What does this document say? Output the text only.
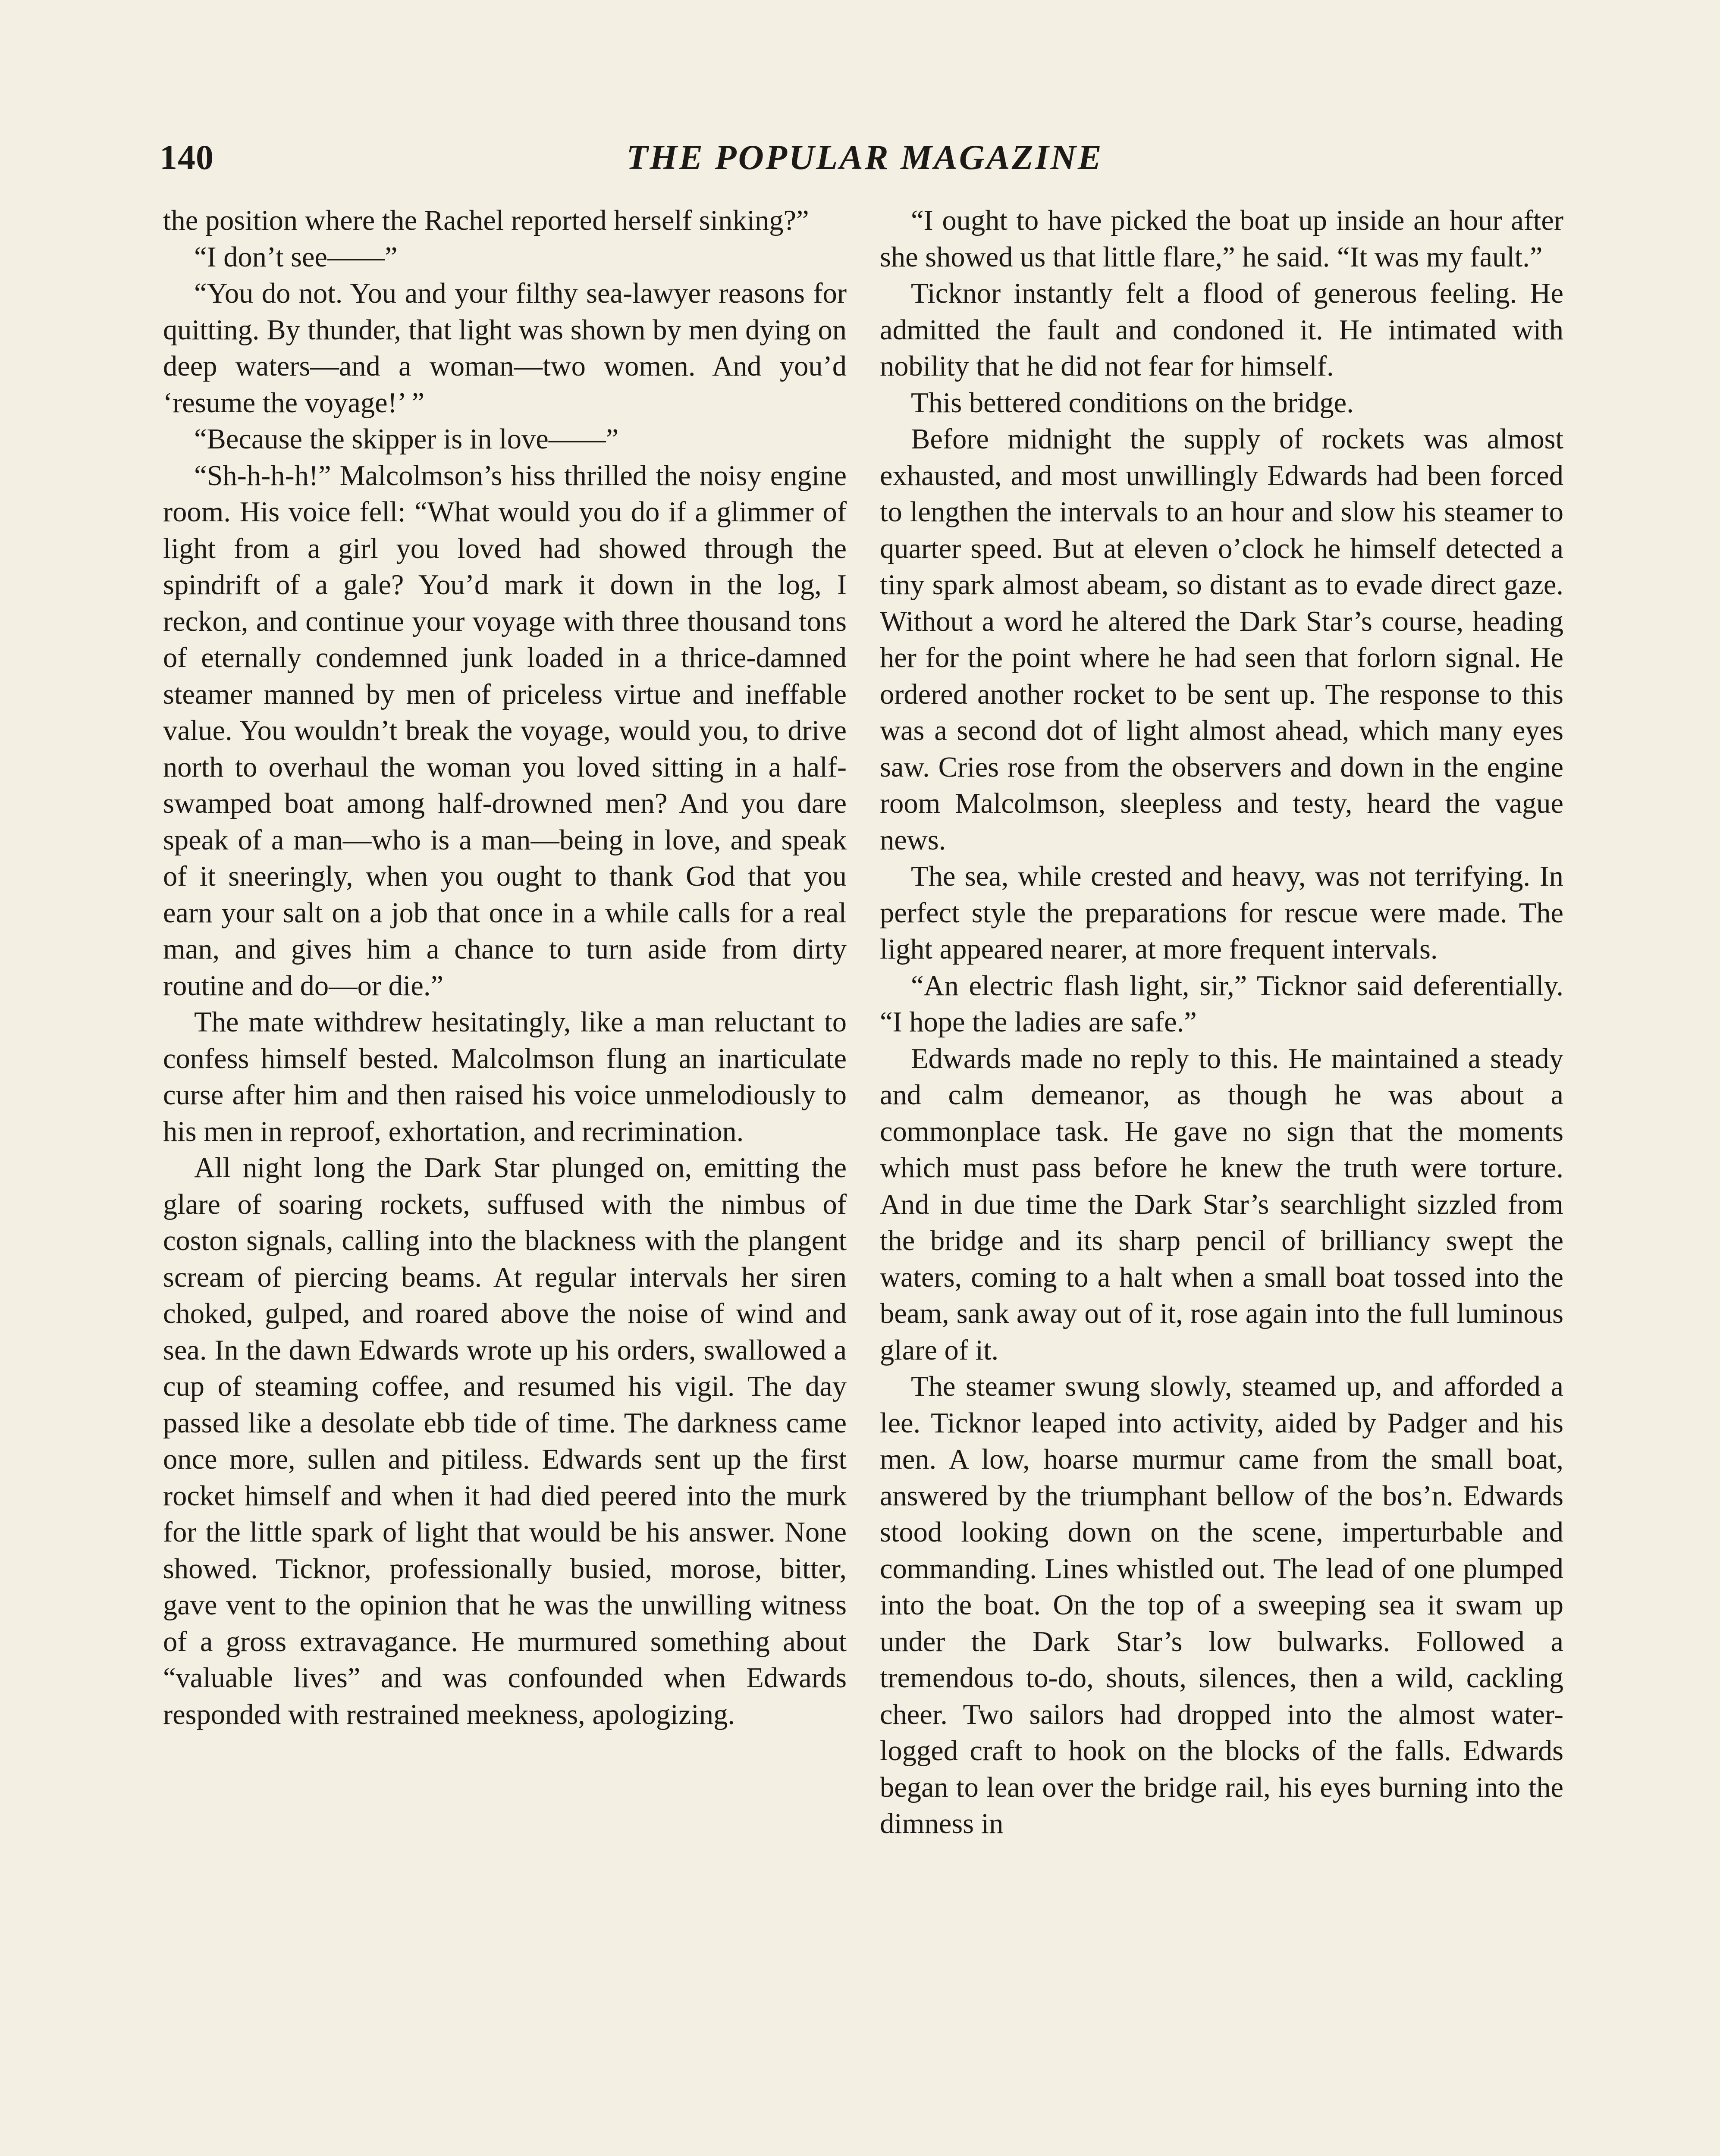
140	THE POPULAR MAGAZINE

the position where the Rachel reported herself sinking?”

“I don’t see——”

“You do not. You and your filthy sea-lawyer reasons for quitting. By thunder, that light was shown by men dying on deep waters—and a woman—two women. And you’d ‘resume the voyage!’ ”

“Because the skipper is in love——”

“Sh-h-h-h!” Malcolmson’s hiss thrilled the noisy engine room. His voice fell: “What would you do if a glimmer of light from a girl you loved had showed through the spindrift of a gale? You’d mark it down in the log, I reckon, and continue your voyage with three thousand tons of eternally condemned junk loaded in a thrice-damned steamer manned by men of priceless virtue and ineffable value. You wouldn’t break the voyage, would you, to drive north to overhaul the woman you loved sitting in a half-swamped boat among half-drowned men? And you dare speak of a man—who is a man—being in love, and speak of it sneeringly, when you ought to thank God that you earn your salt on a job that once in a while calls for a real man, and gives him a chance to turn aside from dirty routine and do—or die.”

The mate withdrew hesitatingly, like a man reluctant to confess himself bested. Malcolmson flung an inarticulate curse after him and then raised his voice unmelodiously to his men in reproof, exhortation, and recrimination.

All night long the Dark Star plunged on, emitting the glare of soaring rockets, suffused with the nimbus of coston signals, calling into the blackness with the plangent scream of piercing beams. At regular intervals her siren choked, gulped, and roared above the noise of wind and sea. In the dawn Edwards wrote up his orders, swallowed a cup of steaming coffee, and resumed his vigil. The day passed like a desolate ebb tide of time. The darkness came once more, sullen and pitiless. Edwards sent up the first rocket himself and when it had died peered into the murk for the little spark of light that would be his answer. None showed. Ticknor, professionally busied, morose, bitter, gave vent to the opinion that he was the unwilling witness of a gross extravagance. He murmured something about “valuable lives” and was confounded when Edwards responded with restrained meekness, apologizing.

“I ought to have picked the boat up inside an hour after she showed us that little flare,” he said. “It was my fault.”

Ticknor instantly felt a flood of generous feeling. He admitted the fault and condoned it. He intimated with nobility that he did not fear for himself.

This bettered conditions on the bridge.

Before midnight the supply of rockets was almost exhausted, and most unwillingly Edwards had been forced to lengthen the intervals to an hour and slow his steamer to quarter speed. But at eleven o’clock he himself detected a tiny spark almost abeam, so distant as to evade direct gaze. Without a word he altered the Dark Star’s course, heading her for the point where he had seen that forlorn signal. He ordered another rocket to be sent up. The response to this was a second dot of light almost ahead, which many eyes saw. Cries rose from the observers and down in the engine room Malcolmson, sleepless and testy, heard the vague news.

The sea, while crested and heavy, was not terrifying. In perfect style the preparations for rescue were made. The light appeared nearer, at more frequent intervals.

“An electric flash light, sir,” Ticknor said deferentially. “I hope the ladies are safe.”

Edwards made no reply to this. He maintained a steady and calm demeanor, as though he was about a commonplace task. He gave no sign that the moments which must pass before he knew the truth were torture. And in due time the Dark Star’s searchlight sizzled from the bridge and its sharp pencil of brilliancy swept the waters, coming to a halt when a small boat tossed into the beam, sank away out of it, rose again into the full luminous glare of it.

The steamer swung slowly, steamed up, and afforded a lee. Ticknor leaped into activity, aided by Padger and his men. A low, hoarse murmur came from the small boat, answered by the triumphant bellow of the bos’n. Edwards stood looking down on the scene, imperturbable and commanding. Lines whistled out. The lead of one plumped into the boat. On the top of a sweeping sea it swam up under the Dark Star’s low bulwarks. Followed a tremendous to-do, shouts, silences, then a wild, cackling cheer. Two sailors had dropped into the almost water-logged craft to hook on the blocks of the falls. Edwards began to lean over the bridge rail, his eyes burning into the dimness in
